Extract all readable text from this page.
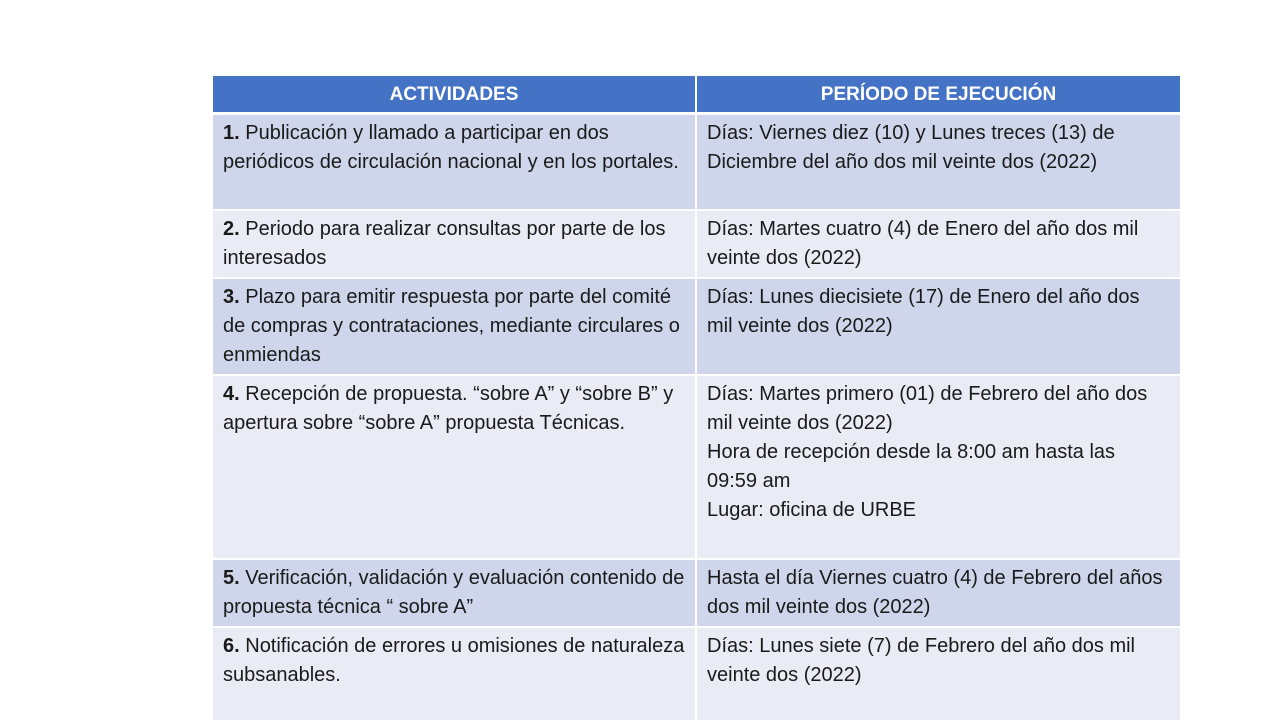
ACTIVIDADES	PERÍODO DE EJECUCIÓN
1. Publicación y llamado a participar en dos periódicos de circulación nacional y en los portales.	Días: Viernes diez (10) y Lunes treces (13) de Diciembre del año dos mil veinte dos (2022)
2. Periodo para realizar consultas por parte de los interesados	Días: Martes cuatro (4) de Enero del año dos mil veinte dos (2022)
3. Plazo para emitir respuesta por parte del comité de compras y contrataciones, mediante circulares o enmiendas	Días: Lunes diecisiete (17) de Enero del año dos mil veinte dos (2022)
4. Recepción de propuesta. “sobre A” y “sobre B” y apertura sobre “sobre A” propuesta Técnicas.	Días: Martes primero (01) de Febrero del año dos mil veinte dos (2022)
Hora de recepción desde la 8:00 am hasta las 09:59 am
Lugar: oficina de URBE
5. Verificación, validación y evaluación contenido de propuesta técnica “ sobre A”	Hasta el día Viernes cuatro (4) de Febrero del años dos mil veinte dos (2022)
6. Notificación de errores u omisiones de naturaleza subsanables.	Días: Lunes siete (7) de Febrero del año dos mil veinte dos (2022)
